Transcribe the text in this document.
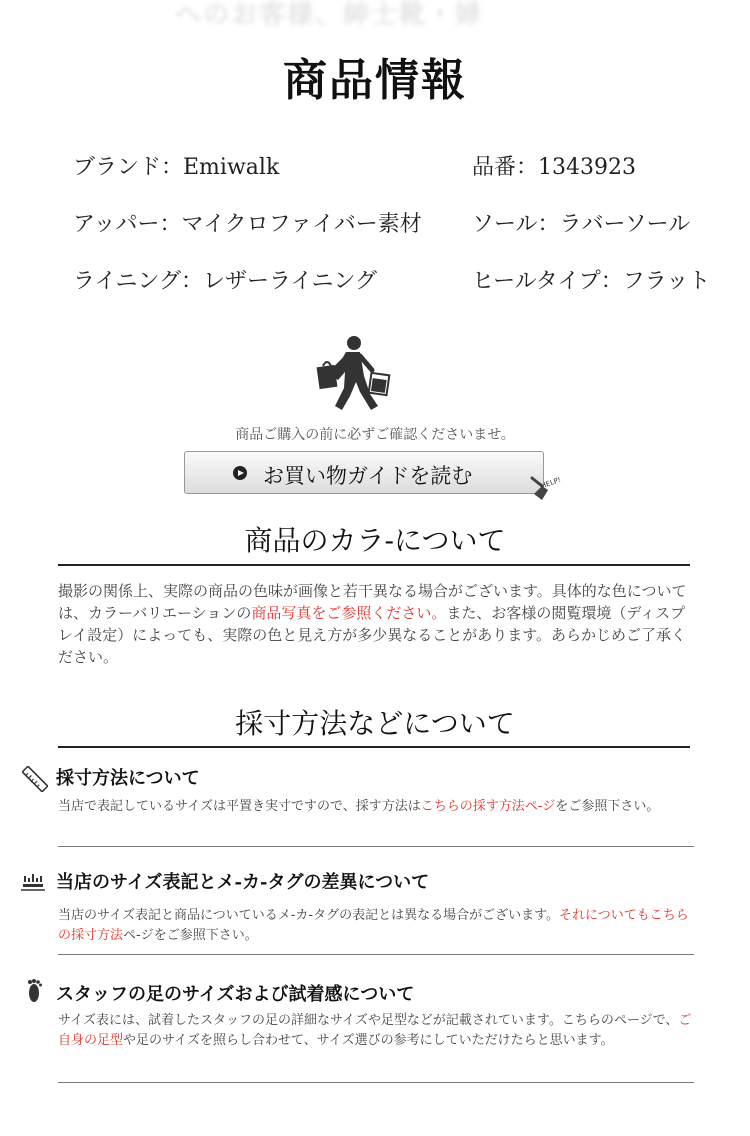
へのお客様、紳士靴・婦
商品情報
ブランド：Emiwalk	品番：1343923
アッパー：マイクロファイバー素材 ソール：ラバーソール
ライニング：レザーライニング	ヒールタイプ：フラット
商品ご購入の前に必ずご確認くださいませ。
お買い物ガイドを読む	HELP!
商品のカラ-について
撮影の関係上、実際の商品の色味が画像と若干異なる場合がございます。具体的な色については、カラーバリエーションの商品写真をご参照ください。また、お客様の閲覧環境（ディスプレイ設定）によっても、実際の色と見え方が多少異なることがあります。あらかじめご了承ください。
採寸方法などについて
採寸方法について
当店で表記しているサイズは平置き実寸ですので、採す方法はこちらの採す方法ペ-ジをご参照下さい。
当店のサイズ表記とメ-カ-タグの差異について
当店のサイズ表記と商品についているメ-カ-タグの表記とは異なる場合がございます。それについてもこちらの採寸方法ペ-ジをご参照下さい。
スタッフの足のサイズおよび試着感について
サイズ表には、試着したスタッフの足の詳細なサイズや足型などが記載されています。こちらのページで、ご自身の足型や足のサイズを照らし合わせて、サイズ選びの参考にしていただけたらと思います。
